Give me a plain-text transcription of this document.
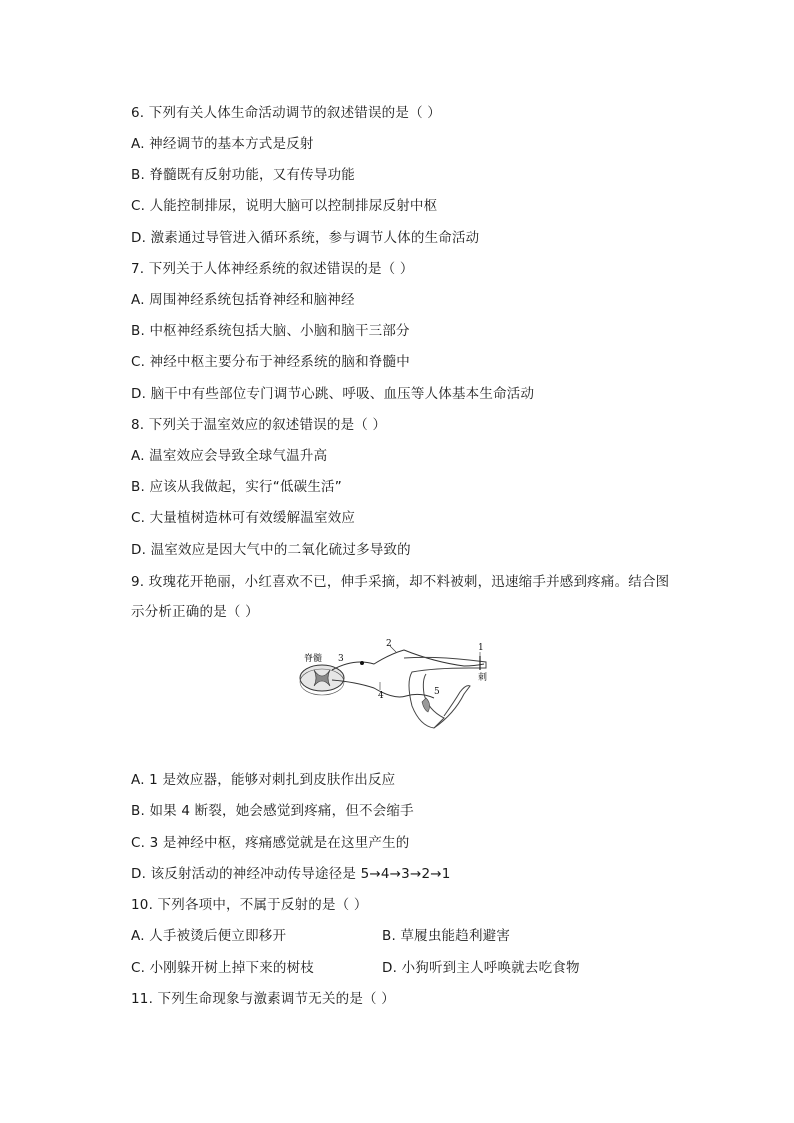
6. 下列有关人体生命活动调节的叙述错误的是（ ）
A. 神经调节的基本方式是反射
B. 脊髓既有反射功能，又有传导功能
C. 人能控制排尿，说明大脑可以控制排尿反射中枢
D. 激素通过导管进入循环系统，参与调节人体的生命活动
7. 下列关于人体神经系统的叙述错误的是（ ）
A. 周围神经系统包括脊神经和脑神经
B. 中枢神经系统包括大脑、小脑和脑干三部分
C. 神经中枢主要分布于神经系统的脑和脊髓中
D. 脑干中有些部位专门调节心跳、呼吸、血压等人体基本生命活动
8. 下列关于温室效应的叙述错误的是（ ）
A. 温室效应会导致全球气温升高
B. 应该从我做起，实行“低碳生活”
C. 大量植树造林可有效缓解温室效应
D. 温室效应是因大气中的二氧化硫过多导致的
9. 玫瑰花开艳丽，小红喜欢不已，伸手采摘，却不料被刺，迅速缩手并感到疼痛。结合图
示分析正确的是（ ）
脊髓 3
2	1
刺
4	5
A. 1 是效应器，能够对刺扎到皮肤作出反应
B. 如果 4 断裂，她会感觉到疼痛，但不会缩手
C. 3 是神经中枢，疼痛感觉就是在这里产生的
D. 该反射活动的神经冲动传导途径是 5→4→3→2→1
10. 下列各项中，不属于反射的是（ ）
A. 人手被烫后便立即移开	B. 草履虫能趋利避害
C. 小刚躲开树上掉下来的树枝	D. 小狗听到主人呼唤就去吃食物
11. 下列生命现象与激素调节无关的是（ ）
